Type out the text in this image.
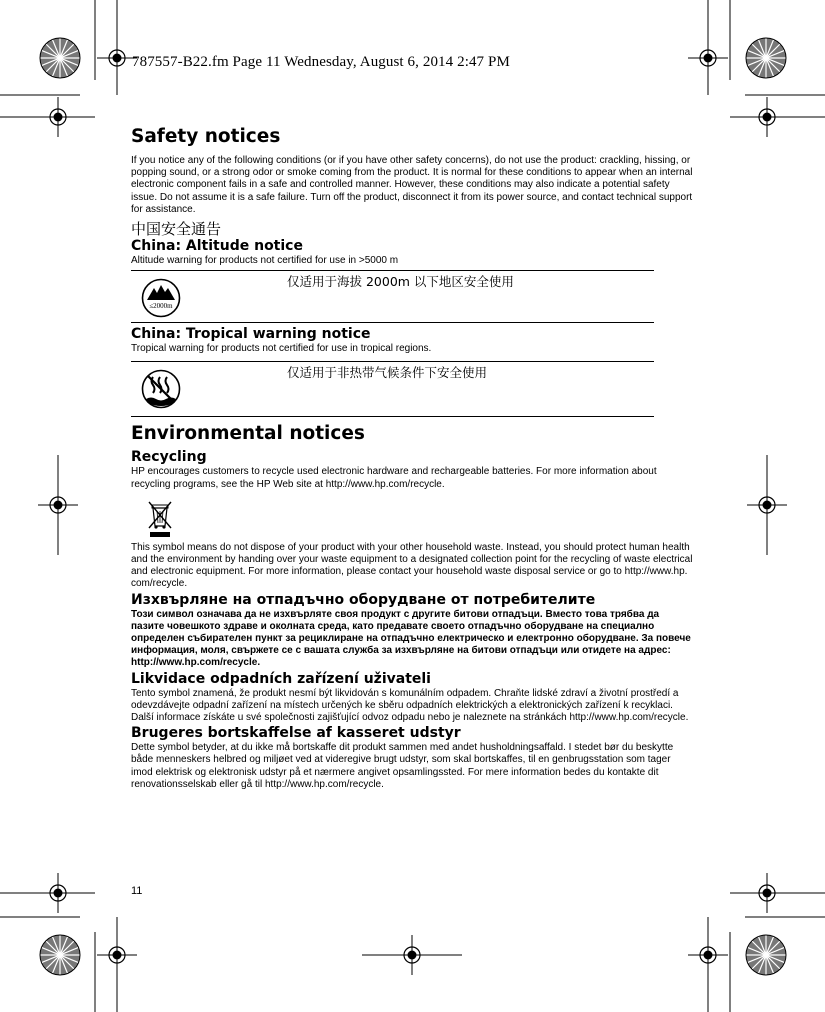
787557-B22.fm Page 11 Wednesday, August 6, 2014 2:47 PM
Safety notices

If you notice any of the following conditions (or if you have other safety concerns), do not use the product: crackling, hissing, or popping sound, or a strong odor or smoke coming from the product. It is normal for these conditions to appear when an internal electronic component fails in a safe and controlled manner. However, these conditions may also indicate a potential safety issue. Do not assume it is a safe failure. Turn off the product, disconnect it from its power source, and contact technical support for assistance.

中国安全通告
China: Altitude notice

Altitude warning for products not certified for use in >5000 m

≤2000m
仅适用于海拔 2000m 以下地区安全使用
China: Tropical warning notice

Tropical warning for products not certified for use in tropical regions.

仅适用于非热带气候条件下安全使用
Environmental notices
Recycling

HP encourages customers to recycle used electronic hardware and rechargeable batteries. For more information about recycling programs, see the HP Web site at http://www.hp.com/recycle.

This symbol means do not dispose of your product with your other household waste. Instead, you should protect human health and the environment by handing over your waste equipment to a designated collection point for the recycling of waste electrical and electronic equipment. For more information, please contact your household waste disposal service or go to http://www.hp. com/recycle.

Изхвърляне на отпадъчно оборудване от потребителите

Този символ означава да не изхвърляте своя продукт с другите битови отпадъци. Вместо това трябва да пазите човешкото здраве и околната среда, като предавате своето отпадъчно оборудване на специално определен събирателен пункт за рециклиране на отпадъчно електрическо и електронно оборудване. За повече информация, моля, свържете се с вашата служба за изхвърляне на битови отпадъци или отидете на адрес: http://www.hp.com/recycle.

Likvidace odpadních zařízení uživateli

Tento symbol znamená, že produkt nesmí být likvidován s komunálním odpadem. Chraňte lidské zdraví a životní prostředí a odevzdávejte odpadní zařízení na místech určených ke sběru odpadních elektrických a elektronických zařízení k recyklaci. Další informace získáte u své společnosti zajišťující odvoz odpadu nebo je naleznete na stránkách http://www.hp.com/recycle.

Brugeres bortskaffelse af kasseret udstyr

Dette symbol betyder, at du ikke må bortskaffe dit produkt sammen med andet husholdningsaffald. I stedet bør du beskytte både menneskers helbred og miljøet ved at videregive brugt udstyr, som skal bortskaffes, til en genbrugsstation som tager imod elektrisk og elektronisk udstyr på et nærmere angivet opsamlingssted. For mere information bedes du kontakte dit renovationsselskab eller gå til http://www.hp.com/recycle.

11
